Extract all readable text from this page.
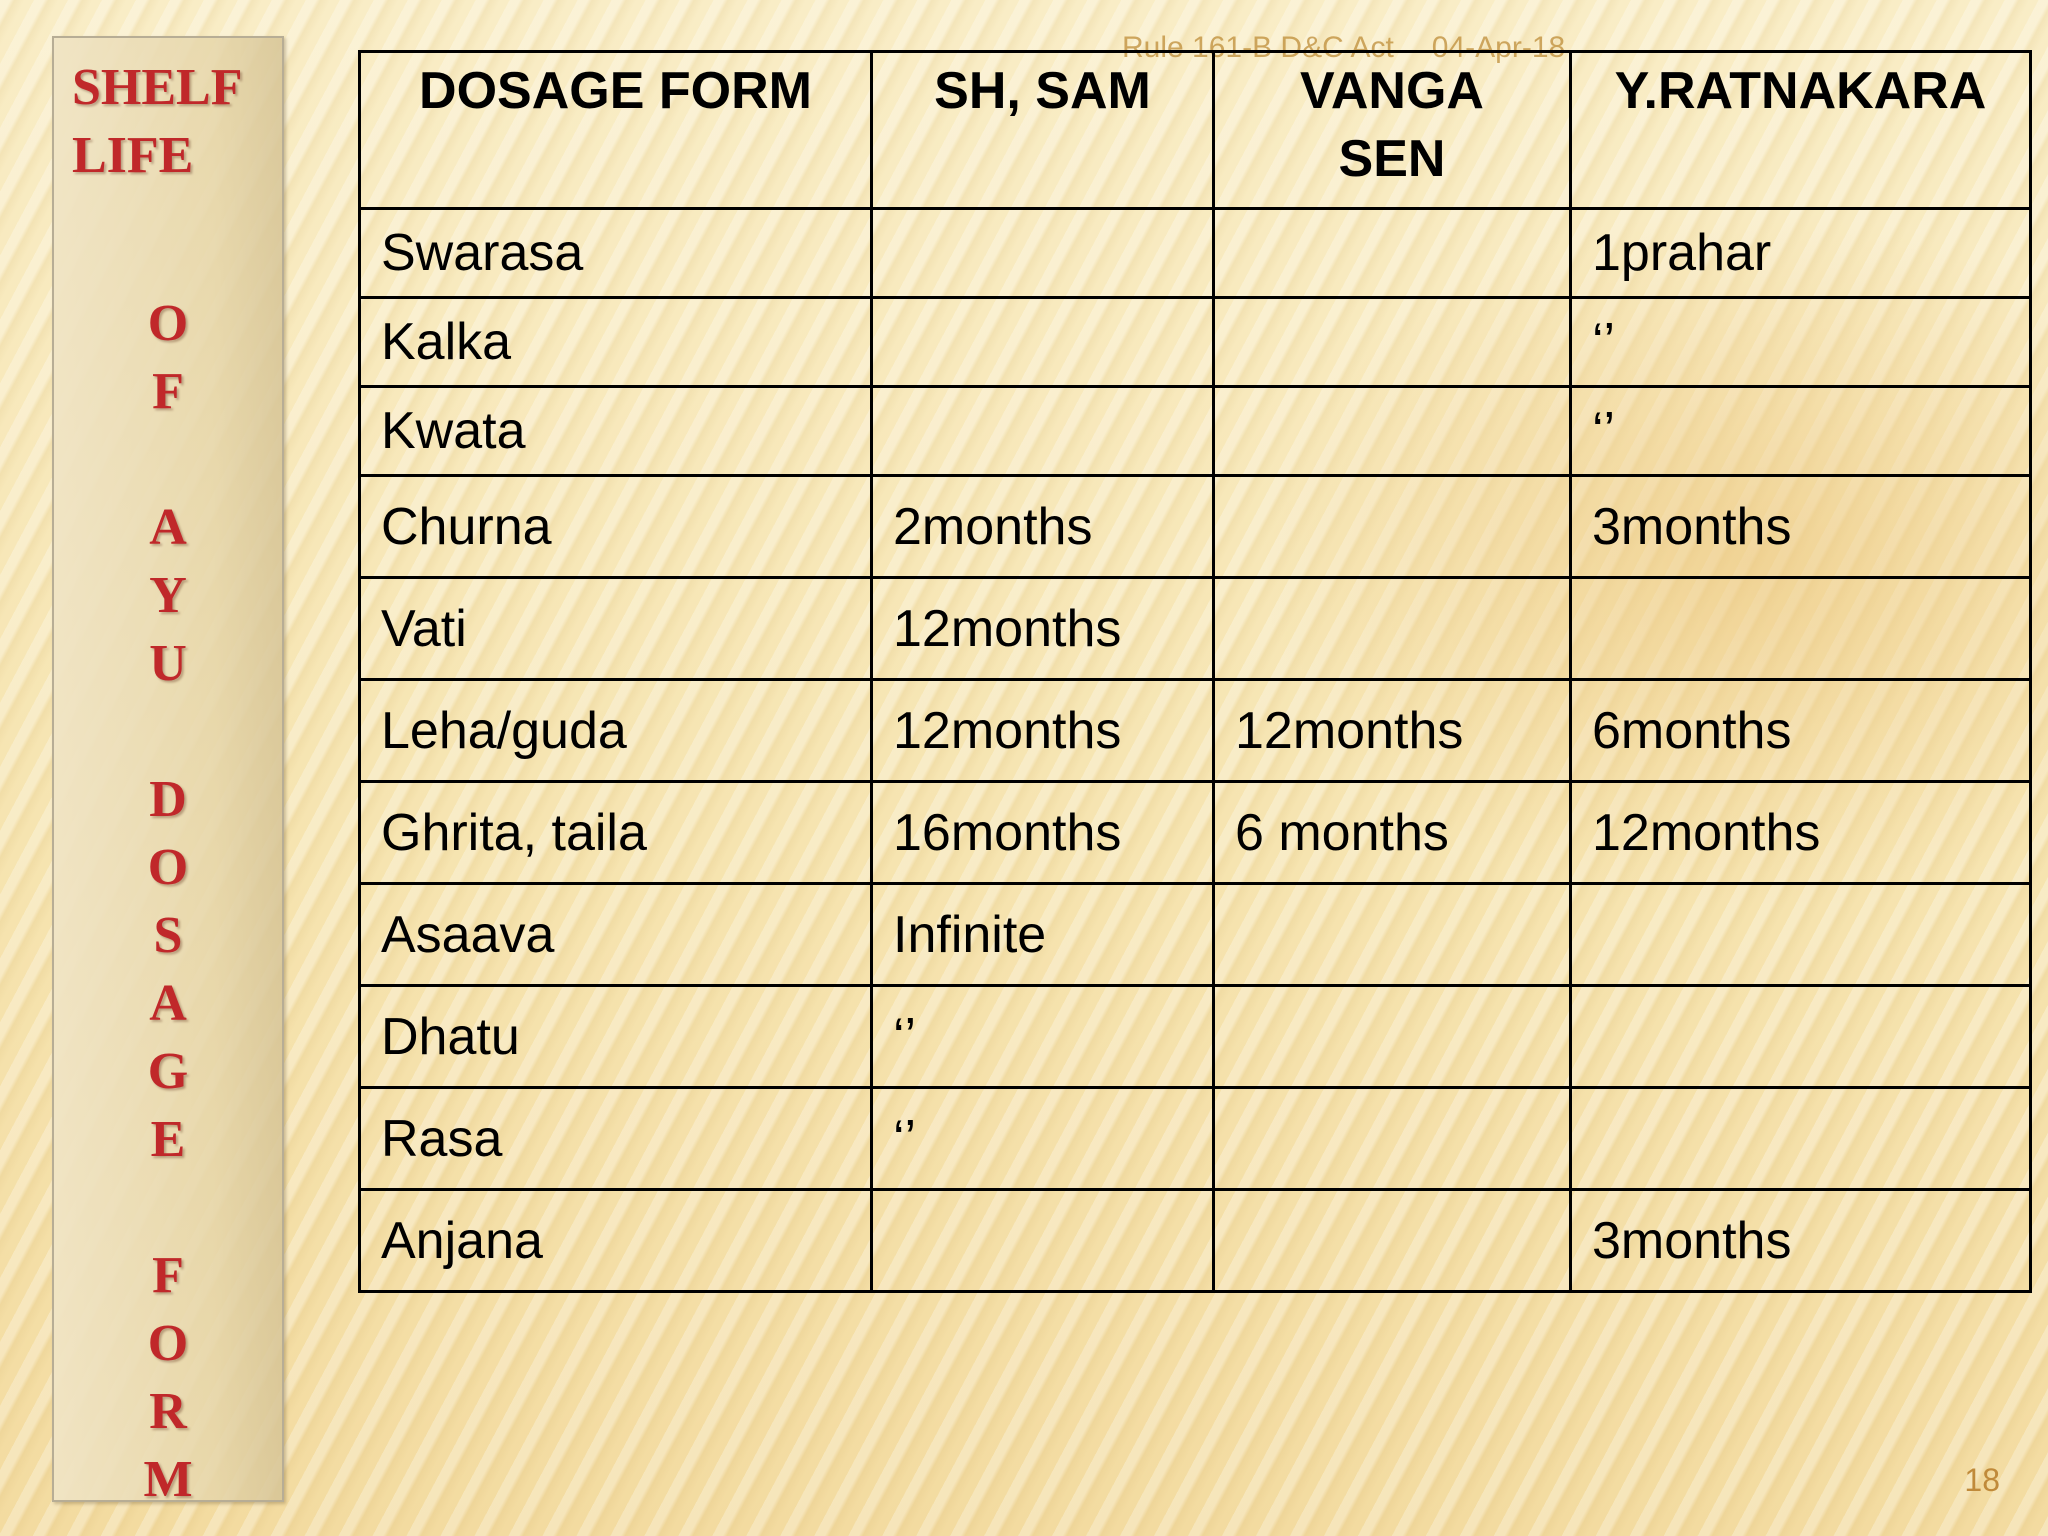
SHELF
LIFE
O
F
A
Y
U
D
O
S
A
G
E
F
O
R
M
Rule 161-B D&C Act 04-Apr-18
DOSAGE FORM	SH, SAM	VANGA SEN	Y.RATNAKARA
Swarasa			1prahar
Kalka			‘’
Kwata			‘’
Churna	2months		3months
Vati	12months		
Leha/guda	12months	12months	6months
Ghrita, taila	16months	6 months	12months
Asaava	Infinite		
Dhatu	‘’		
Rasa	‘’		
Anjana			3months
18
